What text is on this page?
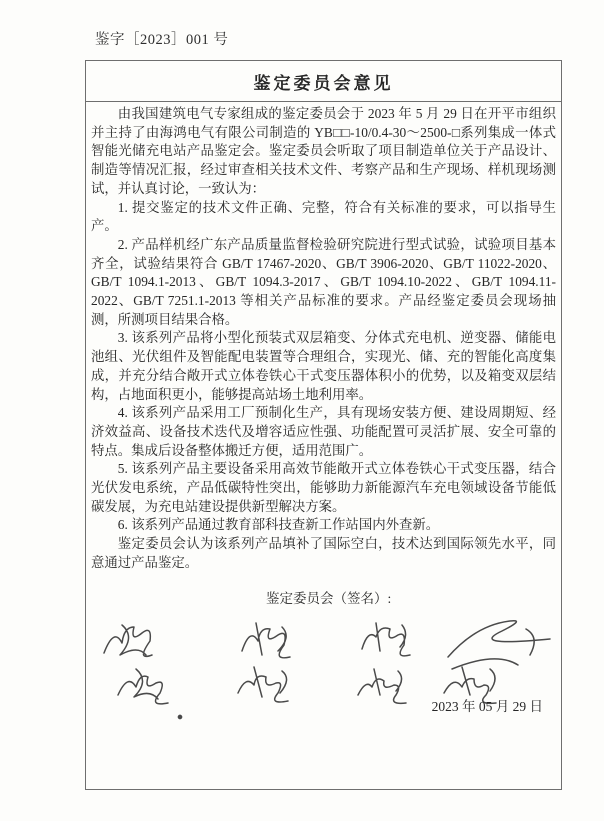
鉴字［2023］001 号
鉴定委员会意见

由我国建筑电气专家组成的鉴定委员会于 2023 年 5 月 29 日在开平市组织并主持了由海鸿电气有限公司制造的 YB□□-10/0.4-30～2500-□系列集成一体式智能光储充电站产品鉴定会。鉴定委员会听取了项目制造单位关于产品设计、制造等情况汇报，经过审查相关技术文件、考察产品和生产现场、样机现场测试，并认真讨论，一致认为：

1. 提交鉴定的技术文件正确、完整，符合有关标准的要求，可以指导生产。

2. 产品样机经广东产品质量监督检验研究院进行型式试验，试验项目基本齐全，试验结果符合 GB/T 17467-2020、GB/T 3906-2020、GB/T 11022-2020、GB/T 1094.1-2013、GB/T 1094.3-2017、GB/T 1094.10-2022、GB/T 1094.11-2022、GB/T 7251.1-2013 等相关产品标准的要求。产品经鉴定委员会现场抽测，所测项目结果合格。

3. 该系列产品将小型化预装式双层箱变、分体式充电机、逆变器、储能电池组、光伏组件及智能配电装置等合理组合，实现光、储、充的智能化高度集成，并充分结合敞开式立体卷铁心干式变压器体积小的优势，以及箱变双层结构，占地面积更小，能够提高站场土地利用率。

4. 该系列产品采用工厂预制化生产，具有现场安装方便、建设周期短、经济效益高、设备技术迭代及增容适应性强、功能配置可灵活扩展、安全可靠的特点。集成后设备整体搬迁方便，适用范围广。

5. 该系列产品主要设备采用高效节能敞开式立体卷铁心干式变压器，结合光伏发电系统，产品低碳特性突出，能够助力新能源汽车充电领域设备节能低碳发展，为充电站建设提供新型解决方案。

6. 该系列产品通过教育部科技查新工作站国内外查新。

鉴定委员会认为该系列产品填补了国际空白，技术达到国际领先水平，同意通过产品鉴定。

鉴定委员会（签名）:
2023 年 05 月 29 日
